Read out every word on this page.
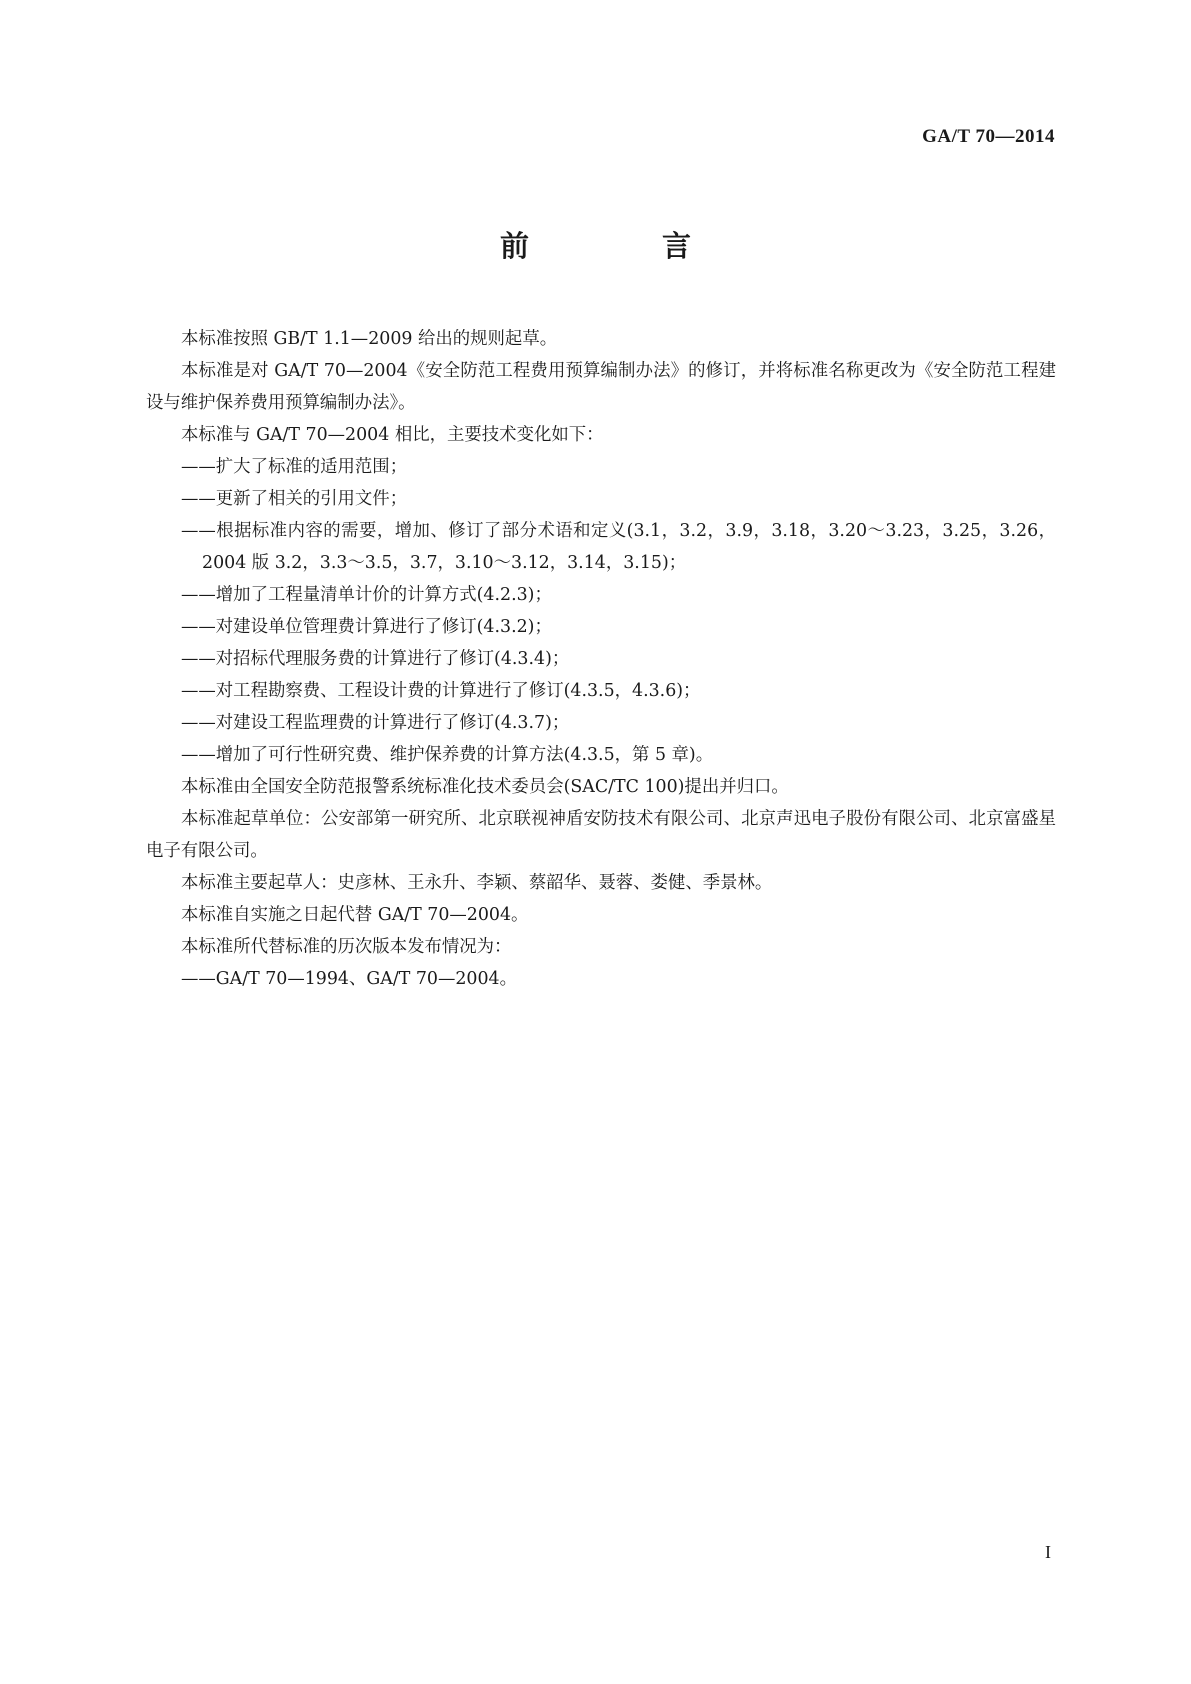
GA/T 70—2014
前　言

本标准按照 GB/T 1.1—2009 给出的规则起草。

本标准是对 GA/T 70—2004《安全防范工程费用预算编制办法》的修订，并将标准名称更改为《安全防范工程建设与维护保养费用预算编制办法》。

本标准与 GA/T 70—2004 相比，主要技术变化如下：

——扩大了标准的适用范围；

——更新了相关的引用文件；

——根据标准内容的需要，增加、修订了部分术语和定义(3.1，3.2，3.9，3.18，3.20～3.23，3.25，3.26，2004 版 3.2，3.3～3.5，3.7，3.10～3.12，3.14，3.15)；

——增加了工程量清单计价的计算方式(4.2.3)；

——对建设单位管理费计算进行了修订(4.3.2)；

——对招标代理服务费的计算进行了修订(4.3.4)；

——对工程勘察费、工程设计费的计算进行了修订(4.3.5，4.3.6)；

——对建设工程监理费的计算进行了修订(4.3.7)；

——增加了可行性研究费、维护保养费的计算方法(4.3.5，第 5 章)。

本标准由全国安全防范报警系统标准化技术委员会(SAC/TC 100)提出并归口。

本标准起草单位：公安部第一研究所、北京联视神盾安防技术有限公司、北京声迅电子股份有限公司、北京富盛星电子有限公司。

本标准主要起草人：史彦林、王永升、李颖、蔡韶华、聂蓉、娄健、季景林。

本标准自实施之日起代替 GA/T 70—2004。

本标准所代替标准的历次版本发布情况为：

——GA/T 70—1994、GA/T 70—2004。

I
